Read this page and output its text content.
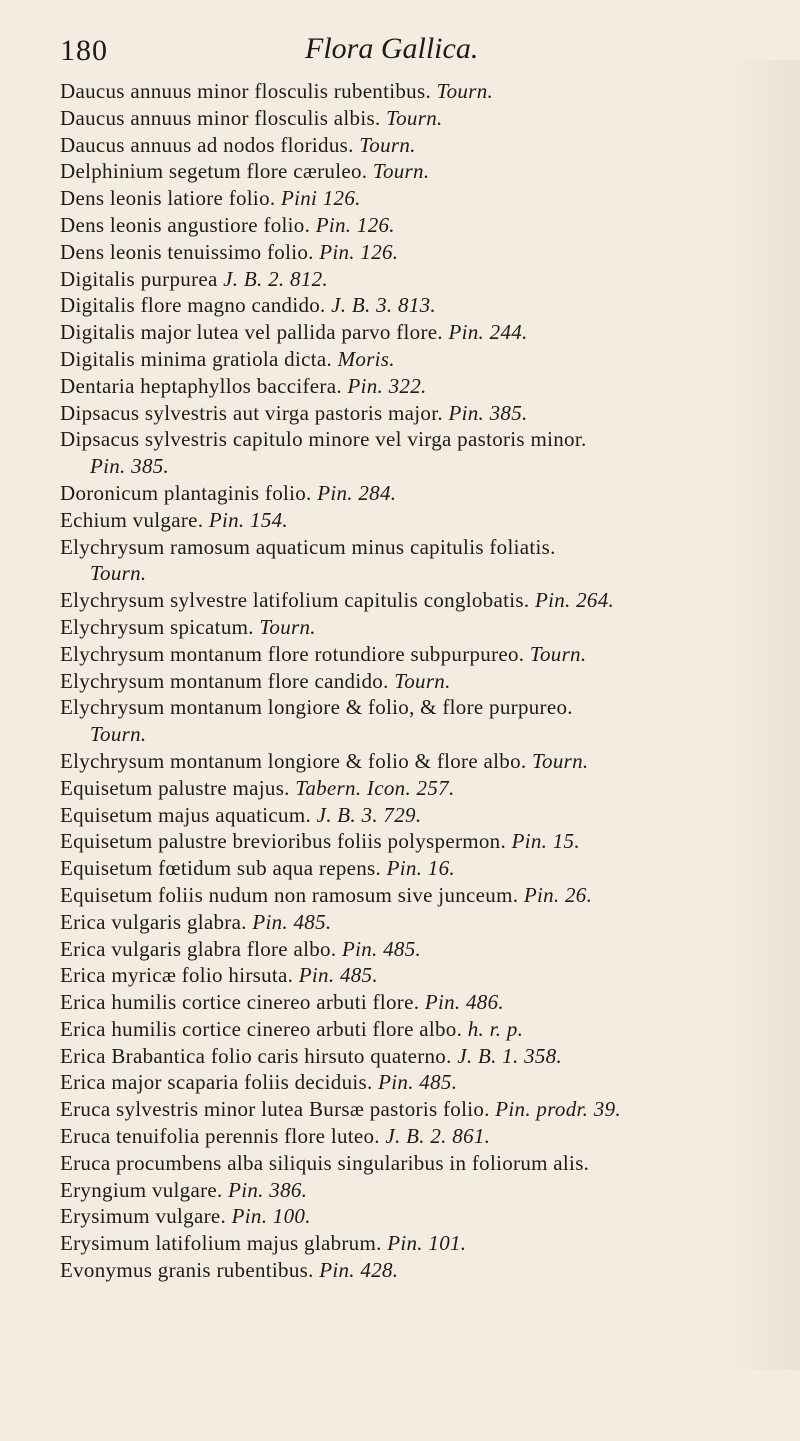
180	Flora Gallica.
Daucus annuus minor flosculis rubentibus. Tourn.
Daucus annuus minor flosculis albis. Tourn.
Daucus annuus ad nodos floridus. Tourn.
Delphinium segetum flore cæruleo. Tourn.
Dens leonis latiore folio. Pini 126.
Dens leonis angustiore folio. Pin. 126.
Dens leonis tenuissimo folio. Pin. 126.
Digitalis purpurea J. B. 2. 812.
Digitalis flore magno candido. J. B. 3. 813.
Digitalis major lutea vel pallida parvo flore. Pin. 244.
Digitalis minima gratiola dicta. Moris.
Dentaria heptaphyllos baccifera. Pin. 322.
Dipsacus sylvestris aut virga pastoris major. Pin. 385.
Dipsacus sylvestris capitulo minore vel virga pastoris minor.
Pin. 385.
Doronicum plantaginis folio. Pin. 284.
Echium vulgare. Pin. 154.
Elychrysum ramosum aquaticum minus capitulis foliatis.
Tourn.
Elychrysum sylvestre latifolium capitulis conglobatis. Pin. 264.
Elychrysum spicatum. Tourn.
Elychrysum montanum flore rotundiore subpurpureo. Tourn.
Elychrysum montanum flore candido. Tourn.
Elychrysum montanum longiore & folio, & flore purpureo.
Tourn.
Elychrysum montanum longiore & folio & flore albo. Tourn.
Equisetum palustre majus. Tabern. Icon. 257.
Equisetum majus aquaticum. J. B. 3. 729.
Equisetum palustre brevioribus foliis polyspermon. Pin. 15.
Equisetum fœtidum sub aqua repens. Pin. 16.
Equisetum foliis nudum non ramosum sive junceum. Pin. 26.
Erica vulgaris glabra. Pin. 485.
Erica vulgaris glabra flore albo. Pin. 485.
Erica myricæ folio hirsuta. Pin. 485.
Erica humilis cortice cinereo arbuti flore. Pin. 486.
Erica humilis cortice cinereo arbuti flore albo. h. r. p.
Erica Brabantica folio caris hirsuto quaterno. J. B. 1. 358.
Erica major scaparia foliis deciduis. Pin. 485.
Eruca sylvestris minor lutea Bursæ pastoris folio. Pin. prodr. 39.
Eruca tenuifolia perennis flore luteo. J. B. 2. 861.
Eruca procumbens alba siliquis singularibus in foliorum alis.
Eryngium vulgare. Pin. 386.
Erysimum vulgare. Pin. 100.
Erysimum latifolium majus glabrum. Pin. 101.
Evonymus granis rubentibus. Pin. 428.
